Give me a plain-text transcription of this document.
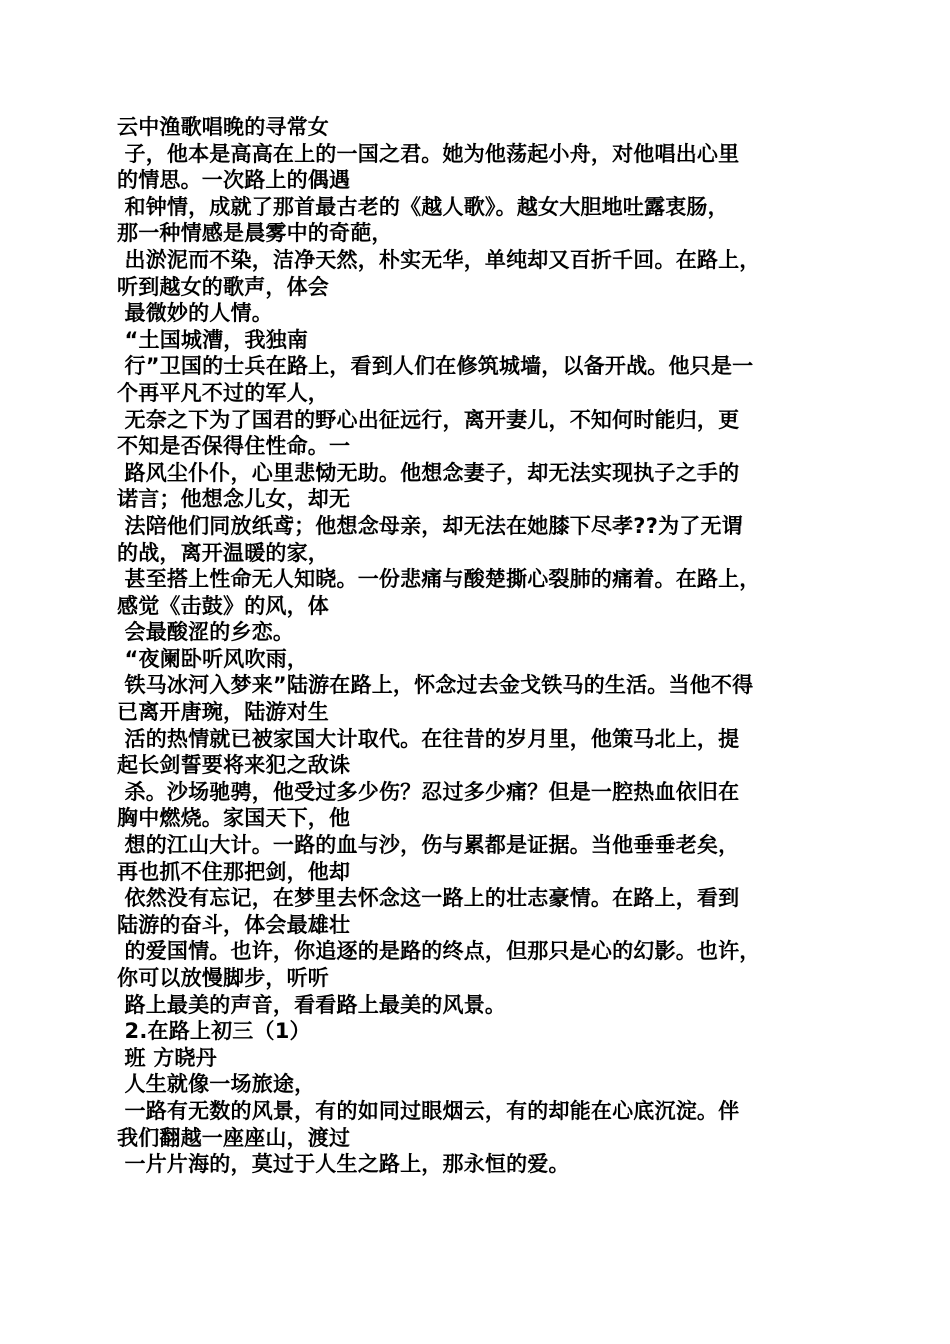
云中渔歌唱晚的寻常女
子，他本是高高在上的一国之君。她为他荡起小舟，对他唱出心里
的情思。一次路上的偶遇
和钟情，成就了那首最古老的《越人歌》。越女大胆地吐露衷肠，
那一种情感是晨雾中的奇葩，
出淤泥而不染，洁净天然，朴实无华，单纯却又百折千回。在路上，
听到越女的歌声，体会
最微妙的人情。
“土国城漕，我独南
行”卫国的士兵在路上，看到人们在修筑城墙，以备开战。他只是一
个再平凡不过的军人，
无奈之下为了国君的野心出征远行，离开妻儿，不知何时能归，更
不知是否保得住性命。一
路风尘仆仆，心里悲恸无助。他想念妻子，却无法实现执子之手的
诺言；他想念儿女，却无
法陪他们同放纸鸢；他想念母亲，却无法在她膝下尽孝??为了无谓
的战，离开温暖的家，
甚至搭上性命无人知晓。一份悲痛与酸楚撕心裂肺的痛着。在路上，
感觉《击鼓》的风，体
会最酸涩的乡恋。
“夜阑卧听风吹雨，
铁马冰河入梦来”陆游在路上，怀念过去金戈铁马的生活。当他不得
已离开唐琬，陆游对生
活的热情就已被家国大计取代。在往昔的岁月里，他策马北上，提
起长剑誓要将来犯之敌诛
杀。沙场驰骋，他受过多少伤？忍过多少痛？但是一腔热血依旧在
胸中燃烧。家国天下，他
想的江山大计。一路的血与沙，伤与累都是证据。当他垂垂老矣，
再也抓不住那把剑，他却
依然没有忘记，在梦里去怀念这一路上的壮志豪情。在路上，看到
陆游的奋斗，体会最雄壮
的爱国情。也许，你追逐的是路的终点，但那只是心的幻影。也许，
你可以放慢脚步，听听
路上最美的声音，看看路上最美的风景。
2.在路上初三（1）
班 方晓丹
人生就像一场旅途，
一路有无数的风景，有的如同过眼烟云，有的却能在心底沉淀。伴
我们翻越一座座山，渡过
一片片海的，莫过于人生之路上，那永恒的爱。
